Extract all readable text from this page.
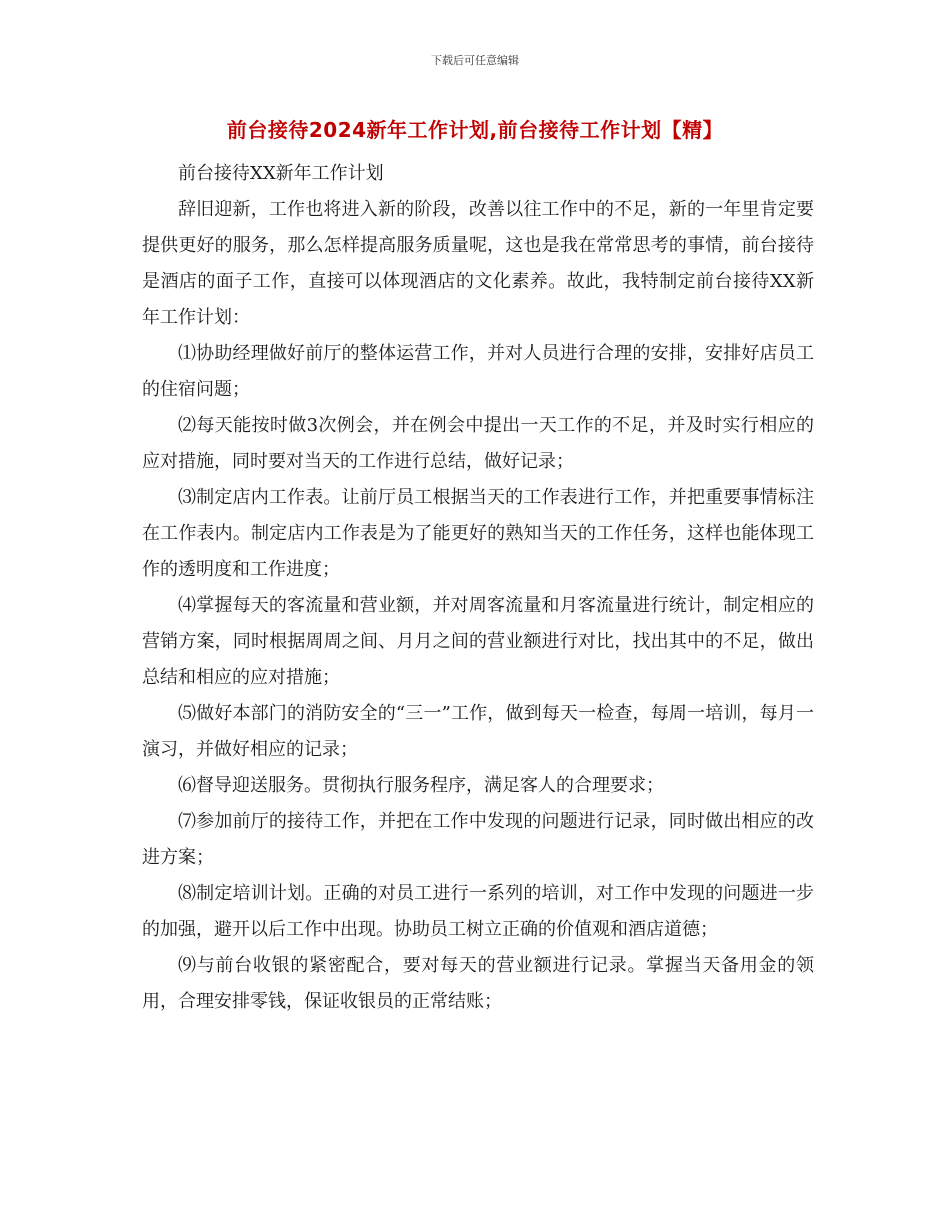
下载后可任意编辑
前台接待2024新年工作计划,前台接待工作计划【精】

前台接待XX新年工作计划

辞旧迎新，工作也将进入新的阶段，改善以往工作中的不足，新的一年里肯定要提供更好的服务，那么怎样提高服务质量呢，这也是我在常常思考的事情，前台接待是酒店的面子工作，直接可以体现酒店的文化素养。故此，我特制定前台接待XX新年工作计划：

⑴协助经理做好前厅的整体运营工作，并对人员进行合理的安排，安排好店员工的住宿问题；

⑵每天能按时做3次例会，并在例会中提出一天工作的不足，并及时实行相应的应对措施，同时要对当天的工作进行总结，做好记录；

⑶制定店内工作表。让前厅员工根据当天的工作表进行工作，并把重要事情标注在工作表内。制定店内工作表是为了能更好的熟知当天的工作任务，这样也能体现工作的透明度和工作进度；

⑷掌握每天的客流量和营业额，并对周客流量和月客流量进行统计，制定相应的营销方案，同时根据周周之间、月月之间的营业额进行对比，找出其中的不足，做出总结和相应的应对措施；

⑸做好本部门的消防安全的“三一”工作，做到每天一检查，每周一培训，每月一演习，并做好相应的记录；

⑹督导迎送服务。贯彻执行服务程序，满足客人的合理要求；

⑺参加前厅的接待工作，并把在工作中发现的问题进行记录，同时做出相应的改进方案；

⑻制定培训计划。正确的对员工进行一系列的培训，对工作中发现的问题进一步的加强，避开以后工作中出现。协助员工树立正确的价值观和酒店道德；

⑼与前台收银的紧密配合，要对每天的营业额进行记录。掌握当天备用金的领用，合理安排零钱，保证收银员的正常结账；
